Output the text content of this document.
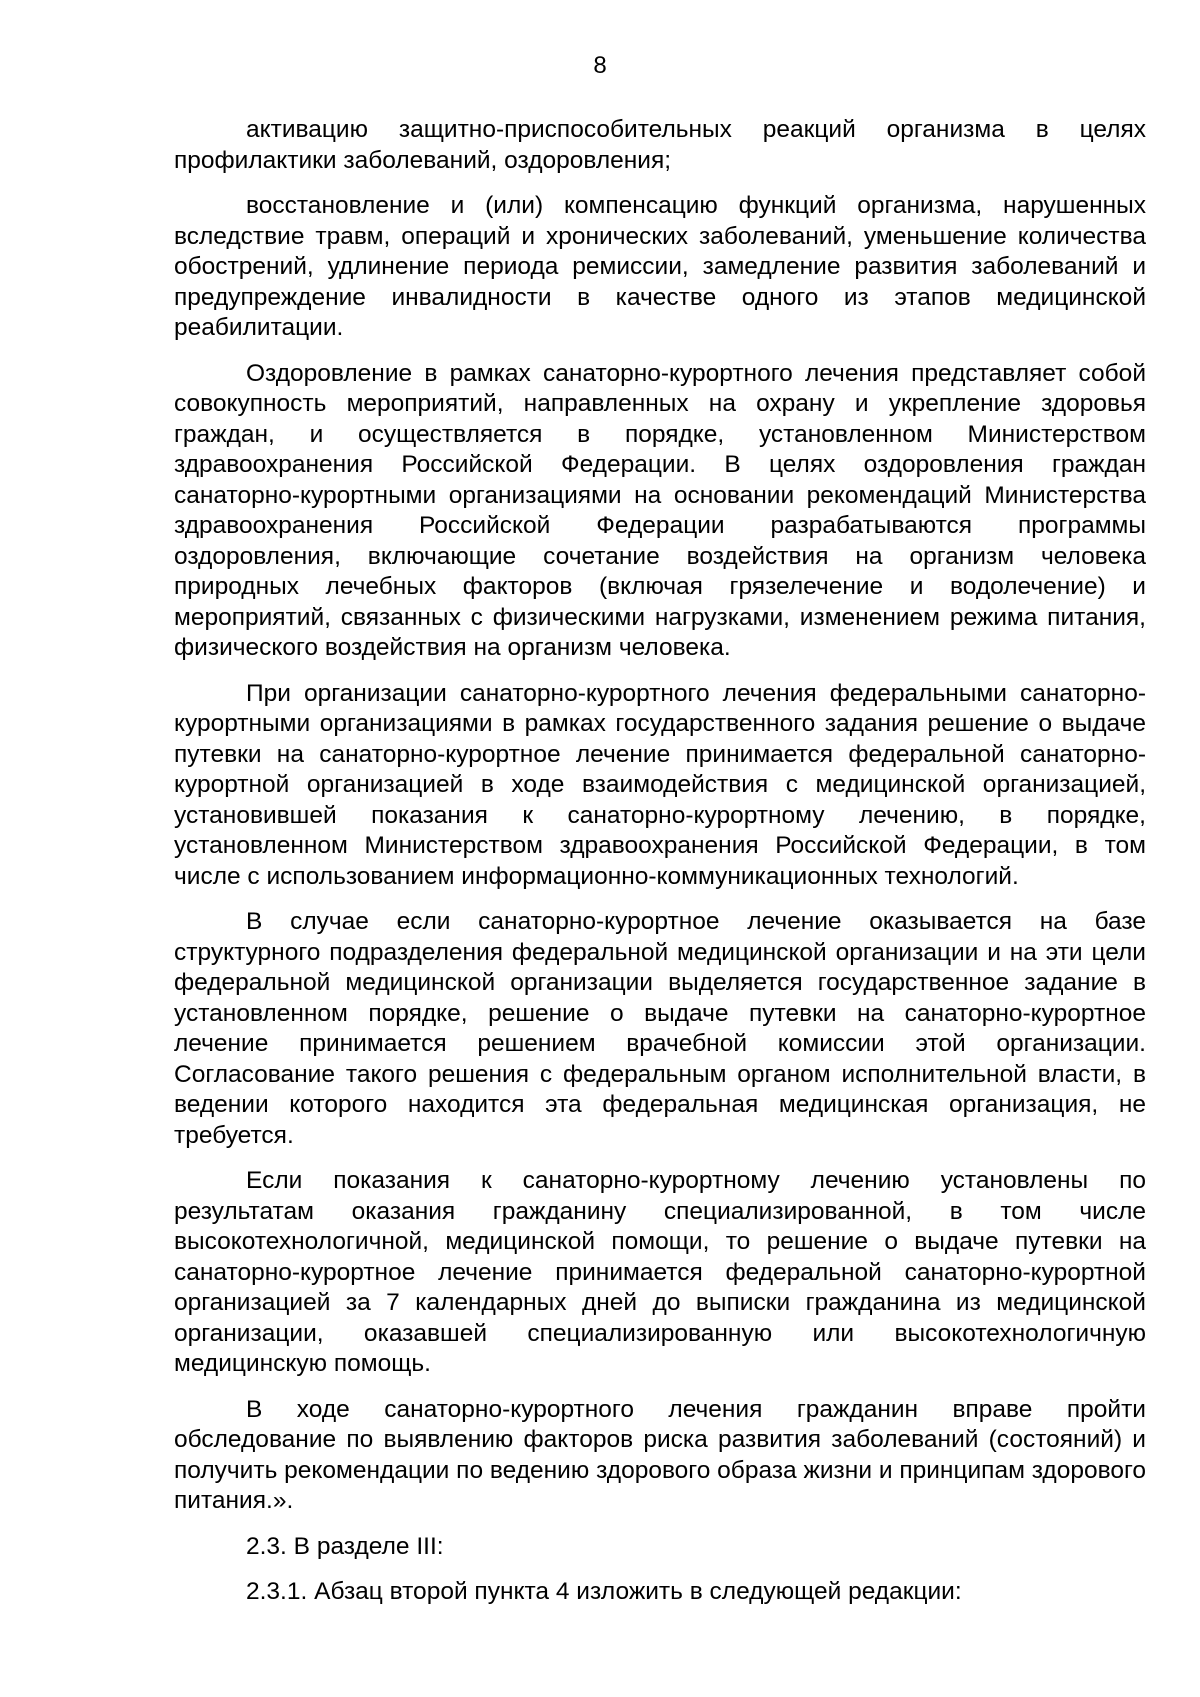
8

активацию защитно-приспособительных реакций организма в целях профилактики заболеваний, оздоровления;

восстановление и (или) компенсацию функций организма, нарушенных вследствие травм, операций и хронических заболеваний, уменьшение количества обострений, удлинение периода ремиссии, замедление развития заболеваний и предупреждение инвалидности в качестве одного из этапов медицинской реабилитации.

Оздоровление в рамках санаторно-курортного лечения представляет собой совокупность мероприятий, направленных на охрану и укрепление здоровья граждан, и осуществляется в порядке, установленном Министерством здравоохранения Российской Федерации. В целях оздоровления граждан санаторно-курортными организациями на основании рекомендаций Министерства здравоохранения Российской Федерации разрабатываются программы оздоровления, включающие сочетание воздействия на организм человека природных лечебных факторов (включая грязелечение и водолечение) и мероприятий, связанных с физическими нагрузками, изменением режима питания, физического воздействия на организм человека.

При организации санаторно-курортного лечения федеральными санаторно-курортными организациями в рамках государственного задания решение о выдаче путевки на санаторно-курортное лечение принимается федеральной санаторно-курортной организацией в ходе взаимодействия с медицинской организацией, установившей показания к санаторно-курортному лечению, в порядке, установленном Министерством здравоохранения Российской Федерации, в том числе с использованием информационно-коммуникационных технологий.

В случае если санаторно-курортное лечение оказывается на базе структурного подразделения федеральной медицинской организации и на эти цели федеральной медицинской организации выделяется государственное задание в установленном порядке, решение о выдаче путевки на санаторно-курортное лечение принимается решением врачебной комиссии этой организации. Согласование такого решения с федеральным органом исполнительной власти, в ведении которого находится эта федеральная медицинская организация, не требуется.

Если показания к санаторно-курортному лечению установлены по результатам оказания гражданину специализированной, в том числе высокотехнологичной, медицинской помощи, то решение о выдаче путевки на санаторно-курортное лечение принимается федеральной санаторно-курортной организацией за 7 календарных дней до выписки гражданина из медицинской организации, оказавшей специализированную или высокотехнологичную медицинскую помощь.

В ходе санаторно-курортного лечения гражданин вправе пройти обследование по выявлению факторов риска развития заболеваний (состояний) и получить рекомендации по ведению здорового образа жизни и принципам здорового питания.».

2.3. В разделе III:

2.3.1. Абзац второй пункта 4 изложить в следующей редакции:
